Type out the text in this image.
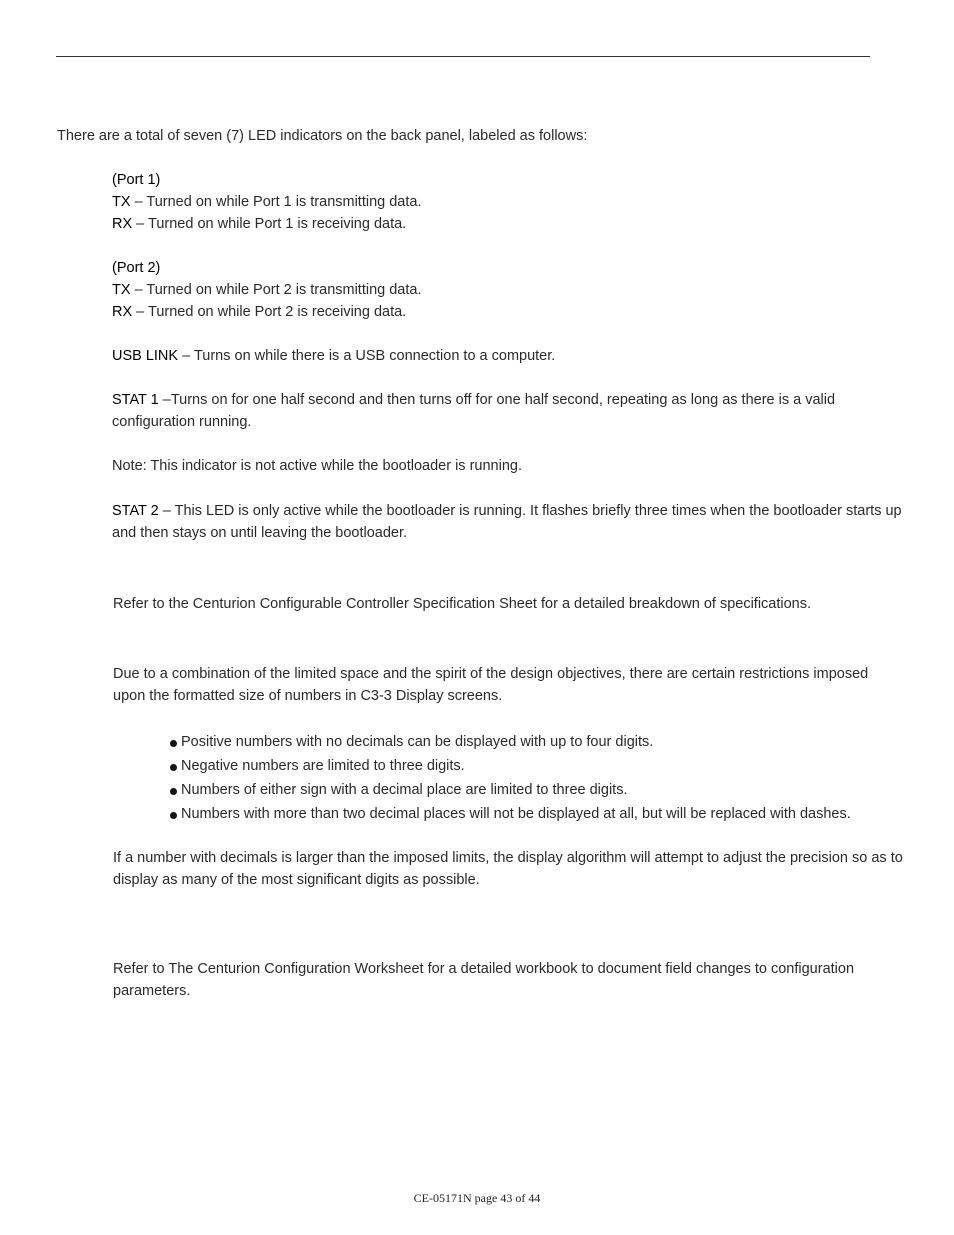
There are a total of seven (7) LED indicators on the back panel, labeled as follows:

(Port 1)
TX – Turned on while Port 1 is transmitting data.
RX – Turned on while Port 1 is receiving data.

(Port 2)
TX – Turned on while Port 2 is transmitting data.
RX – Turned on while Port 2 is receiving data.

USB LINK – Turns on while there is a USB connection to a computer.

STAT 1 –Turns on for one half second and then turns off for one half second, repeating as long as there is a valid configuration running.

Note: This indicator is not active while the bootloader is running.

STAT 2 – This LED is only active while the bootloader is running. It flashes briefly three times when the bootloader starts up and then stays on until leaving the bootloader.

Refer to the Centurion Configurable Controller Specification Sheet for a detailed breakdown of specifications.

Due to a combination of the limited space and the spirit of the design objectives, there are certain restrictions imposed upon the formatted size of numbers in C3-3 Display screens.

Positive numbers with no decimals can be displayed with up to four digits.
Negative numbers are limited to three digits.
Numbers of either sign with a decimal place are limited to three digits.
Numbers with more than two decimal places will not be displayed at all, but will be replaced with dashes.

If a number with decimals is larger than the imposed limits, the display algorithm will attempt to adjust the precision so as to display as many of the most significant digits as possible.

Refer to The Centurion Configuration Worksheet for a detailed workbook to document field changes to configuration parameters.

CE-05171N page 43 of 44
